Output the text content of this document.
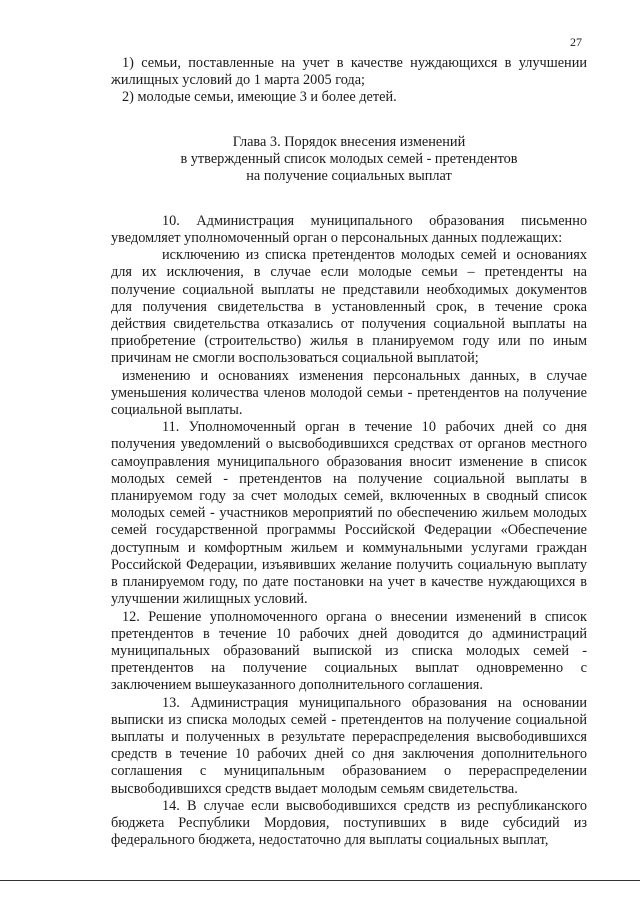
27

1) семьи, поставленные на учет в качестве нуждающихся в улучшении жилищных условий до 1 марта 2005 года;

2) молодые семьи, имеющие 3 и более детей.

Глава 3. Порядок внесения изменений
в утвержденный список молодых семей - претендентов
на получение социальных выплат

10. Администрация муниципального образования письменно уведомляет уполномоченный орган о персональных данных подлежащих:

исключению из списка претендентов молодых семей и основаниях для их исключения, в случае если молодые семьи – претенденты на получение социальной выплаты не представили необходимых документов для получения свидетельства в установленный срок, в течение срока действия свидетельства отказались от получения социальной выплаты на приобретение (строительство) жилья в планируемом году или по иным причинам не смогли воспользоваться социальной выплатой;

изменению и основаниях изменения персональных данных, в случае уменьшения количества членов молодой семьи - претендентов на получение социальной выплаты.

11. Уполномоченный орган в течение 10 рабочих дней со дня получения уведомлений о высвободившихся средствах от органов местного самоуправления муниципального образования вносит изменение в список молодых семей - претендентов на получение социальной выплаты в планируемом году за счет молодых семей, включенных в сводный список молодых семей - участников мероприятий по обеспечению жильем молодых семей государственной программы Российской Федерации «Обеспечение доступным и комфортным жильем и коммунальными услугами граждан Российской Федерации, изъявивших желание получить социальную выплату в планируемом году, по дате постановки на учет в качестве нуждающихся в улучшении жилищных условий.

12. Решение уполномоченного органа о внесении изменений в список претендентов в течение 10 рабочих дней доводится до администраций муниципальных образований выпиской из списка молодых семей - претендентов на получение социальных выплат одновременно с заключением вышеуказанного дополнительного соглашения.

13. Администрация муниципального образования на основании выписки из списка молодых семей - претендентов на получение социальной выплаты и полученных в результате перераспределения высвободившихся средств в течение 10 рабочих дней со дня заключения дополнительного соглашения с муниципальным образованием о перераспределении высвободившихся средств выдает молодым семьям свидетельства.

14. В случае если высвободившихся средств из республиканского бюджета Республики Мордовия, поступивших в виде субсидий из федерального бюджета, недостаточно для выплаты социальных выплат,
